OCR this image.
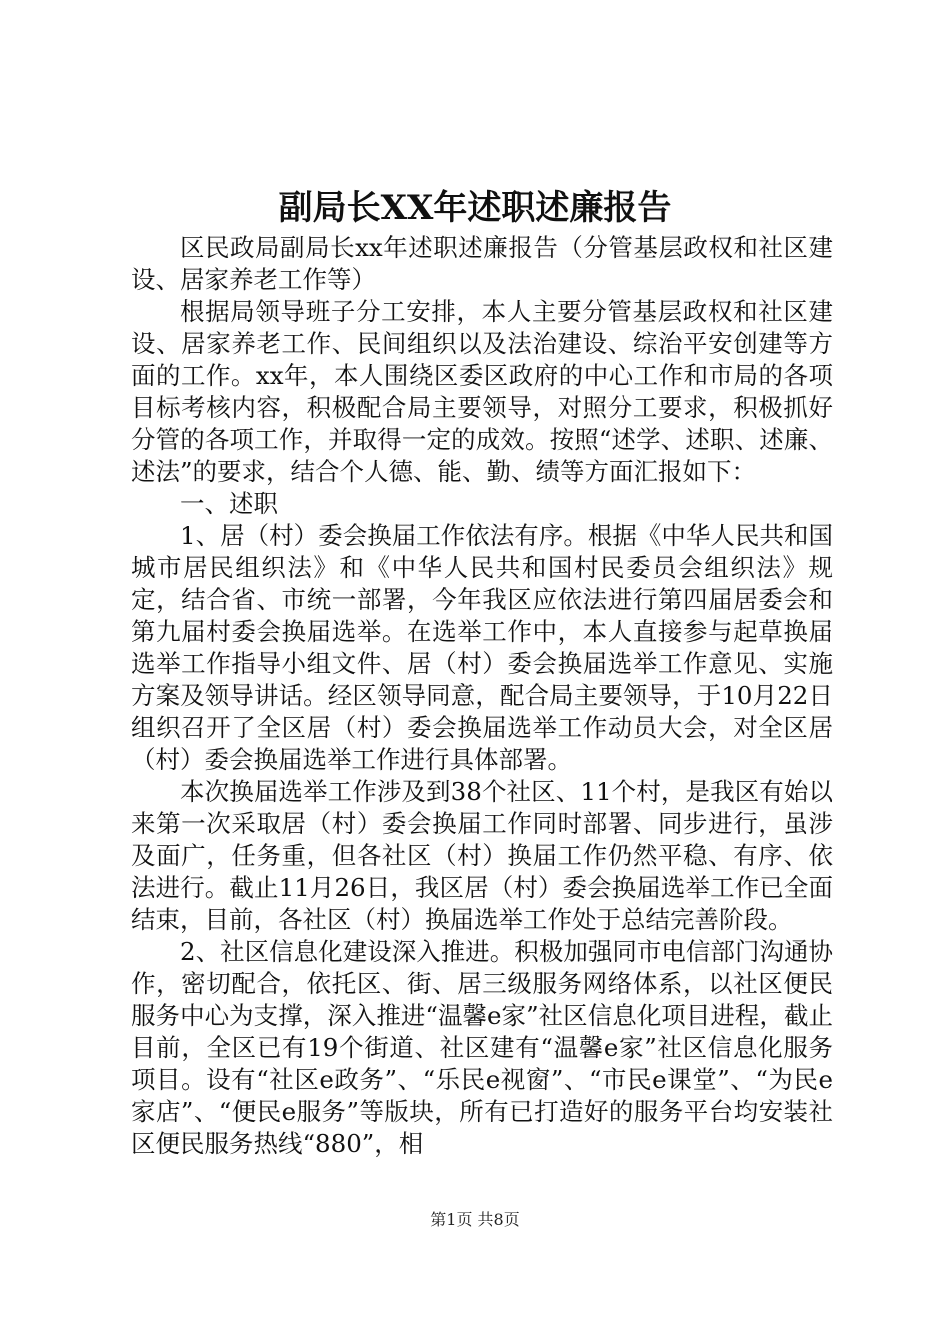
副局长XX年述职述廉报告

区民政局副局长xx年述职述廉报告（分管基层政权和社区建设、居家养老工作等）

根据局领导班子分工安排，本人主要分管基层政权和社区建设、居家养老工作、民间组织以及法治建设、综治平安创建等方面的工作。xx年，本人围绕区委区政府的中心工作和市局的各项目标考核内容，积极配合局主要领导，对照分工要求，积极抓好分管的各项工作，并取得一定的成效。按照“述学、述职、述廉、述法”的要求，结合个人德、能、勤、绩等方面汇报如下：

一、述职

1、居（村）委会换届工作依法有序。根据《中华人民共和国城市居民组织法》和《中华人民共和国村民委员会组织法》规定，结合省、市统一部署，今年我区应依法进行第四届居委会和第九届村委会换届选举。在选举工作中，本人直接参与起草换届选举工作指导小组文件、居（村）委会换届选举工作意见、实施方案及领导讲话。经区领导同意，配合局主要领导，于10月22日组织召开了全区居（村）委会换届选举工作动员大会，对全区居（村）委会换届选举工作进行具体部署。

本次换届选举工作涉及到38个社区、11个村，是我区有始以来第一次采取居（村）委会换届工作同时部署、同步进行，虽涉及面广，任务重，但各社区（村）换届工作仍然平稳、有序、依法进行。截止11月26日，我区居（村）委会换届选举工作已全面结束，目前，各社区（村）换届选举工作处于总结完善阶段。

2、社区信息化建设深入推进。积极加强同市电信部门沟通协作，密切配合，依托区、街、居三级服务网络体系，以社区便民服务中心为支撑，深入推进“温馨e家”社区信息化项目进程，截止目前，全区已有19个街道、社区建有“温馨e家”社区信息化服务项目。设有“社区e政务”、“乐民e视窗”、“市民e课堂”、“为民e家店”、“便民e服务”等版块，所有已打造好的服务平台均安装社区便民服务热线“880”，相

第1页 共8页
